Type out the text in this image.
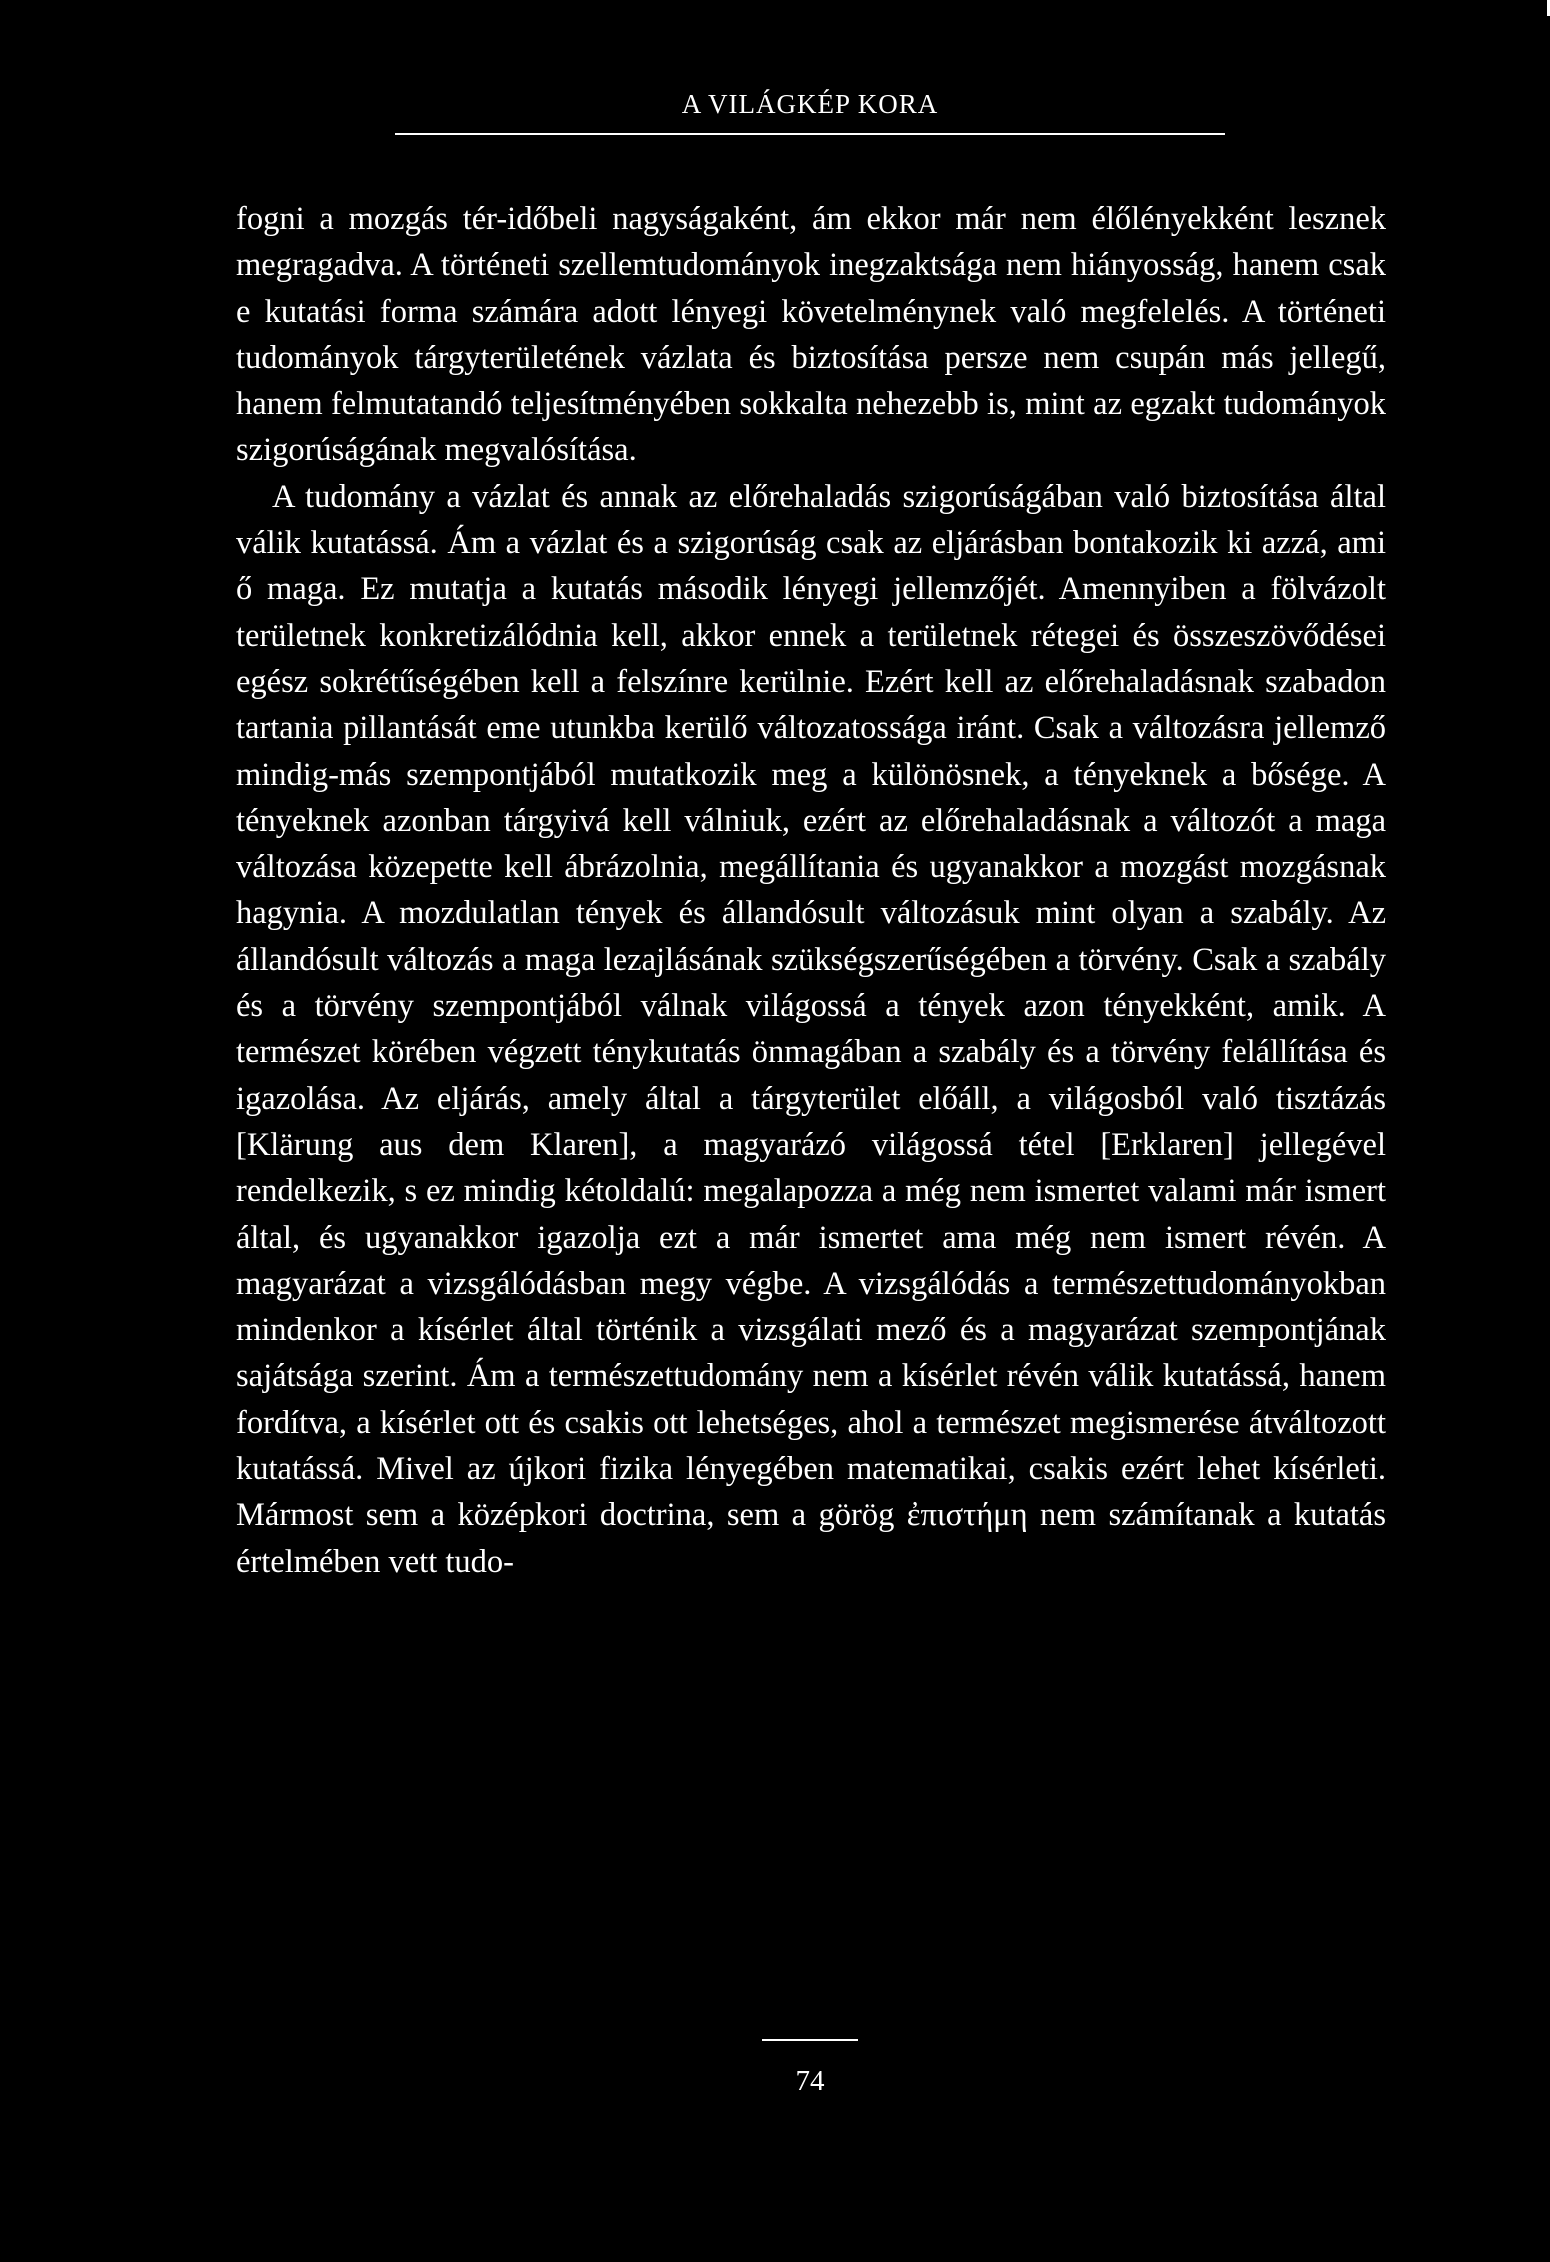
A VILÁGKÉP KORA

fogni a mozgás tér-időbeli nagyságaként, ám ekkor már nem élőlényekként lesznek megragadva. A történeti szellemtudományok inegzaktsága nem hiányosság, hanem csak e kutatási forma számára adott lényegi követelménynek való megfelelés. A történeti tudományok tárgyterületének vázlata és biztosítása persze nem csupán más jellegű, hanem felmutatandó teljesítményében sokkalta nehezebb is, mint az egzakt tudományok szigorúságának megvalósítása.

A tudomány a vázlat és annak az előrehaladás szigorúságában való biztosítása által válik kutatássá. Ám a vázlat és a szigorúság csak az eljárásban bontakozik ki azzá, ami ő maga. Ez mutatja a kutatás második lényegi jellemzőjét. Amennyiben a fölvázolt területnek konkretizálódnia kell, akkor ennek a területnek rétegei és összeszövődései egész sokrétűségében kell a felszínre kerülnie. Ezért kell az előrehaladásnak szabadon tartania pillantását eme utunkba kerülő változatossága iránt. Csak a változásra jellemző mindig-más szempontjából mutatkozik meg a különösnek, a tényeknek a bősége. A tényeknek azonban tárgyivá kell válniuk, ezért az előrehaladásnak a változót a maga változása közepette kell ábrázolnia, megállítania és ugyanakkor a mozgást mozgásnak hagynia. A mozdulatlan tények és állandósult változásuk mint olyan a szabály. Az állandósult változás a maga lezajlásának szükségszerűségében a törvény. Csak a szabály és a törvény szempontjából válnak világossá a tények azon tényekként, amik. A természet körében végzett ténykutatás önmagában a szabály és a törvény felállítása és igazolása. Az eljárás, amely által a tárgyterület előáll, a világosból való tisztázás [Klärung aus dem Klaren], a magyarázó világossá tétel [Erklaren] jellegével rendelkezik, s ez mindig kétoldalú: megalapozza a még nem ismertet valami már ismert által, és ugyanakkor igazolja ezt a már ismertet ama még nem ismert révén. A magyarázat a vizsgálódásban megy végbe. A vizsgálódás a természettudományokban mindenkor a kísérlet által történik a vizsgálati mező és a magyarázat szempontjának sajátsága szerint. Ám a természettudomány nem a kísérlet révén válik kutatássá, hanem fordítva, a kísérlet ott és csakis ott lehetséges, ahol a természet megismerése átváltozott kutatássá. Mivel az újkori fizika lényegében matematikai, csakis ezért lehet kísérleti. Mármost sem a középkori doctrina, sem a görög ἐπιστήμη nem számítanak a kutatás értelmében vett tudo-

74
